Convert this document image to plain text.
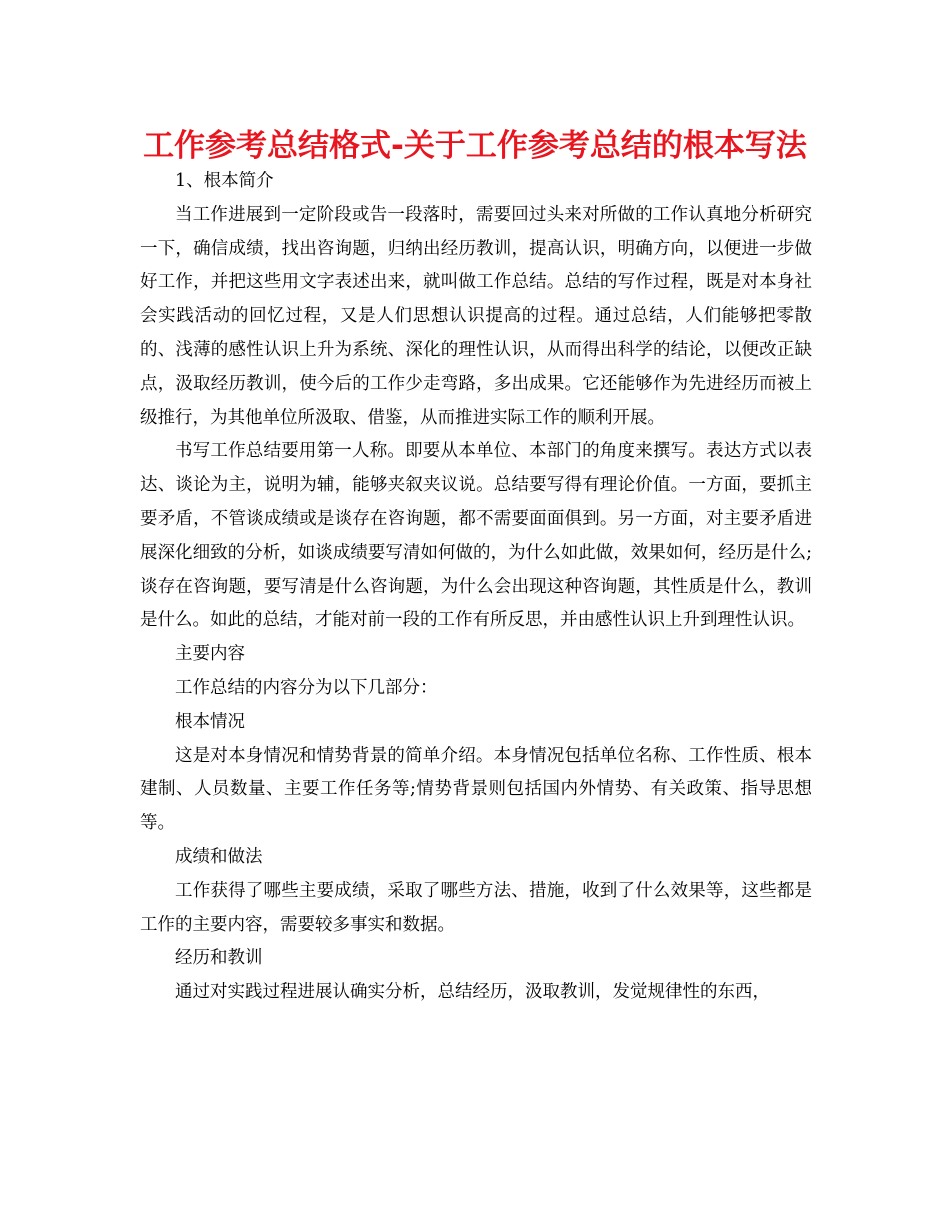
工作参考总结格式-关于工作参考总结的根本写法

1、根本简介

当工作进展到一定阶段或告一段落时，需要回过头来对所做的工作认真地分析研究一下，确信成绩，找出咨询题，归纳出经历教训，提高认识，明确方向，以便进一步做好工作，并把这些用文字表述出来，就叫做工作总结。总结的写作过程，既是对本身社会实践活动的回忆过程，又是人们思想认识提高的过程。通过总结，人们能够把零散的、浅薄的感性认识上升为系统、深化的理性认识，从而得出科学的结论，以便改正缺点，汲取经历教训，使今后的工作少走弯路，多出成果。它还能够作为先进经历而被上级推行，为其他单位所汲取、借鉴，从而推进实际工作的顺利开展。

书写工作总结要用第一人称。即要从本单位、本部门的角度来撰写。表达方式以表达、谈论为主，说明为辅，能够夹叙夹议说。总结要写得有理论价值。一方面，要抓主要矛盾，不管谈成绩或是谈存在咨询题，都不需要面面俱到。另一方面，对主要矛盾进展深化细致的分析，如谈成绩要写清如何做的，为什么如此做，效果如何，经历是什么;谈存在咨询题，要写清是什么咨询题，为什么会出现这种咨询题，其性质是什么，教训是什么。如此的总结，才能对前一段的工作有所反思，并由感性认识上升到理性认识。

主要内容

工作总结的内容分为以下几部分：

根本情况

这是对本身情况和情势背景的简单介绍。本身情况包括单位名称、工作性质、根本建制、人员数量、主要工作任务等;情势背景则包括国内外情势、有关政策、指导思想等。

成绩和做法

工作获得了哪些主要成绩，采取了哪些方法、措施，收到了什么效果等，这些都是工作的主要内容，需要较多事实和数据。

经历和教训

通过对实践过程进展认确实分析，总结经历，汲取教训，发觉规律性的东西，
